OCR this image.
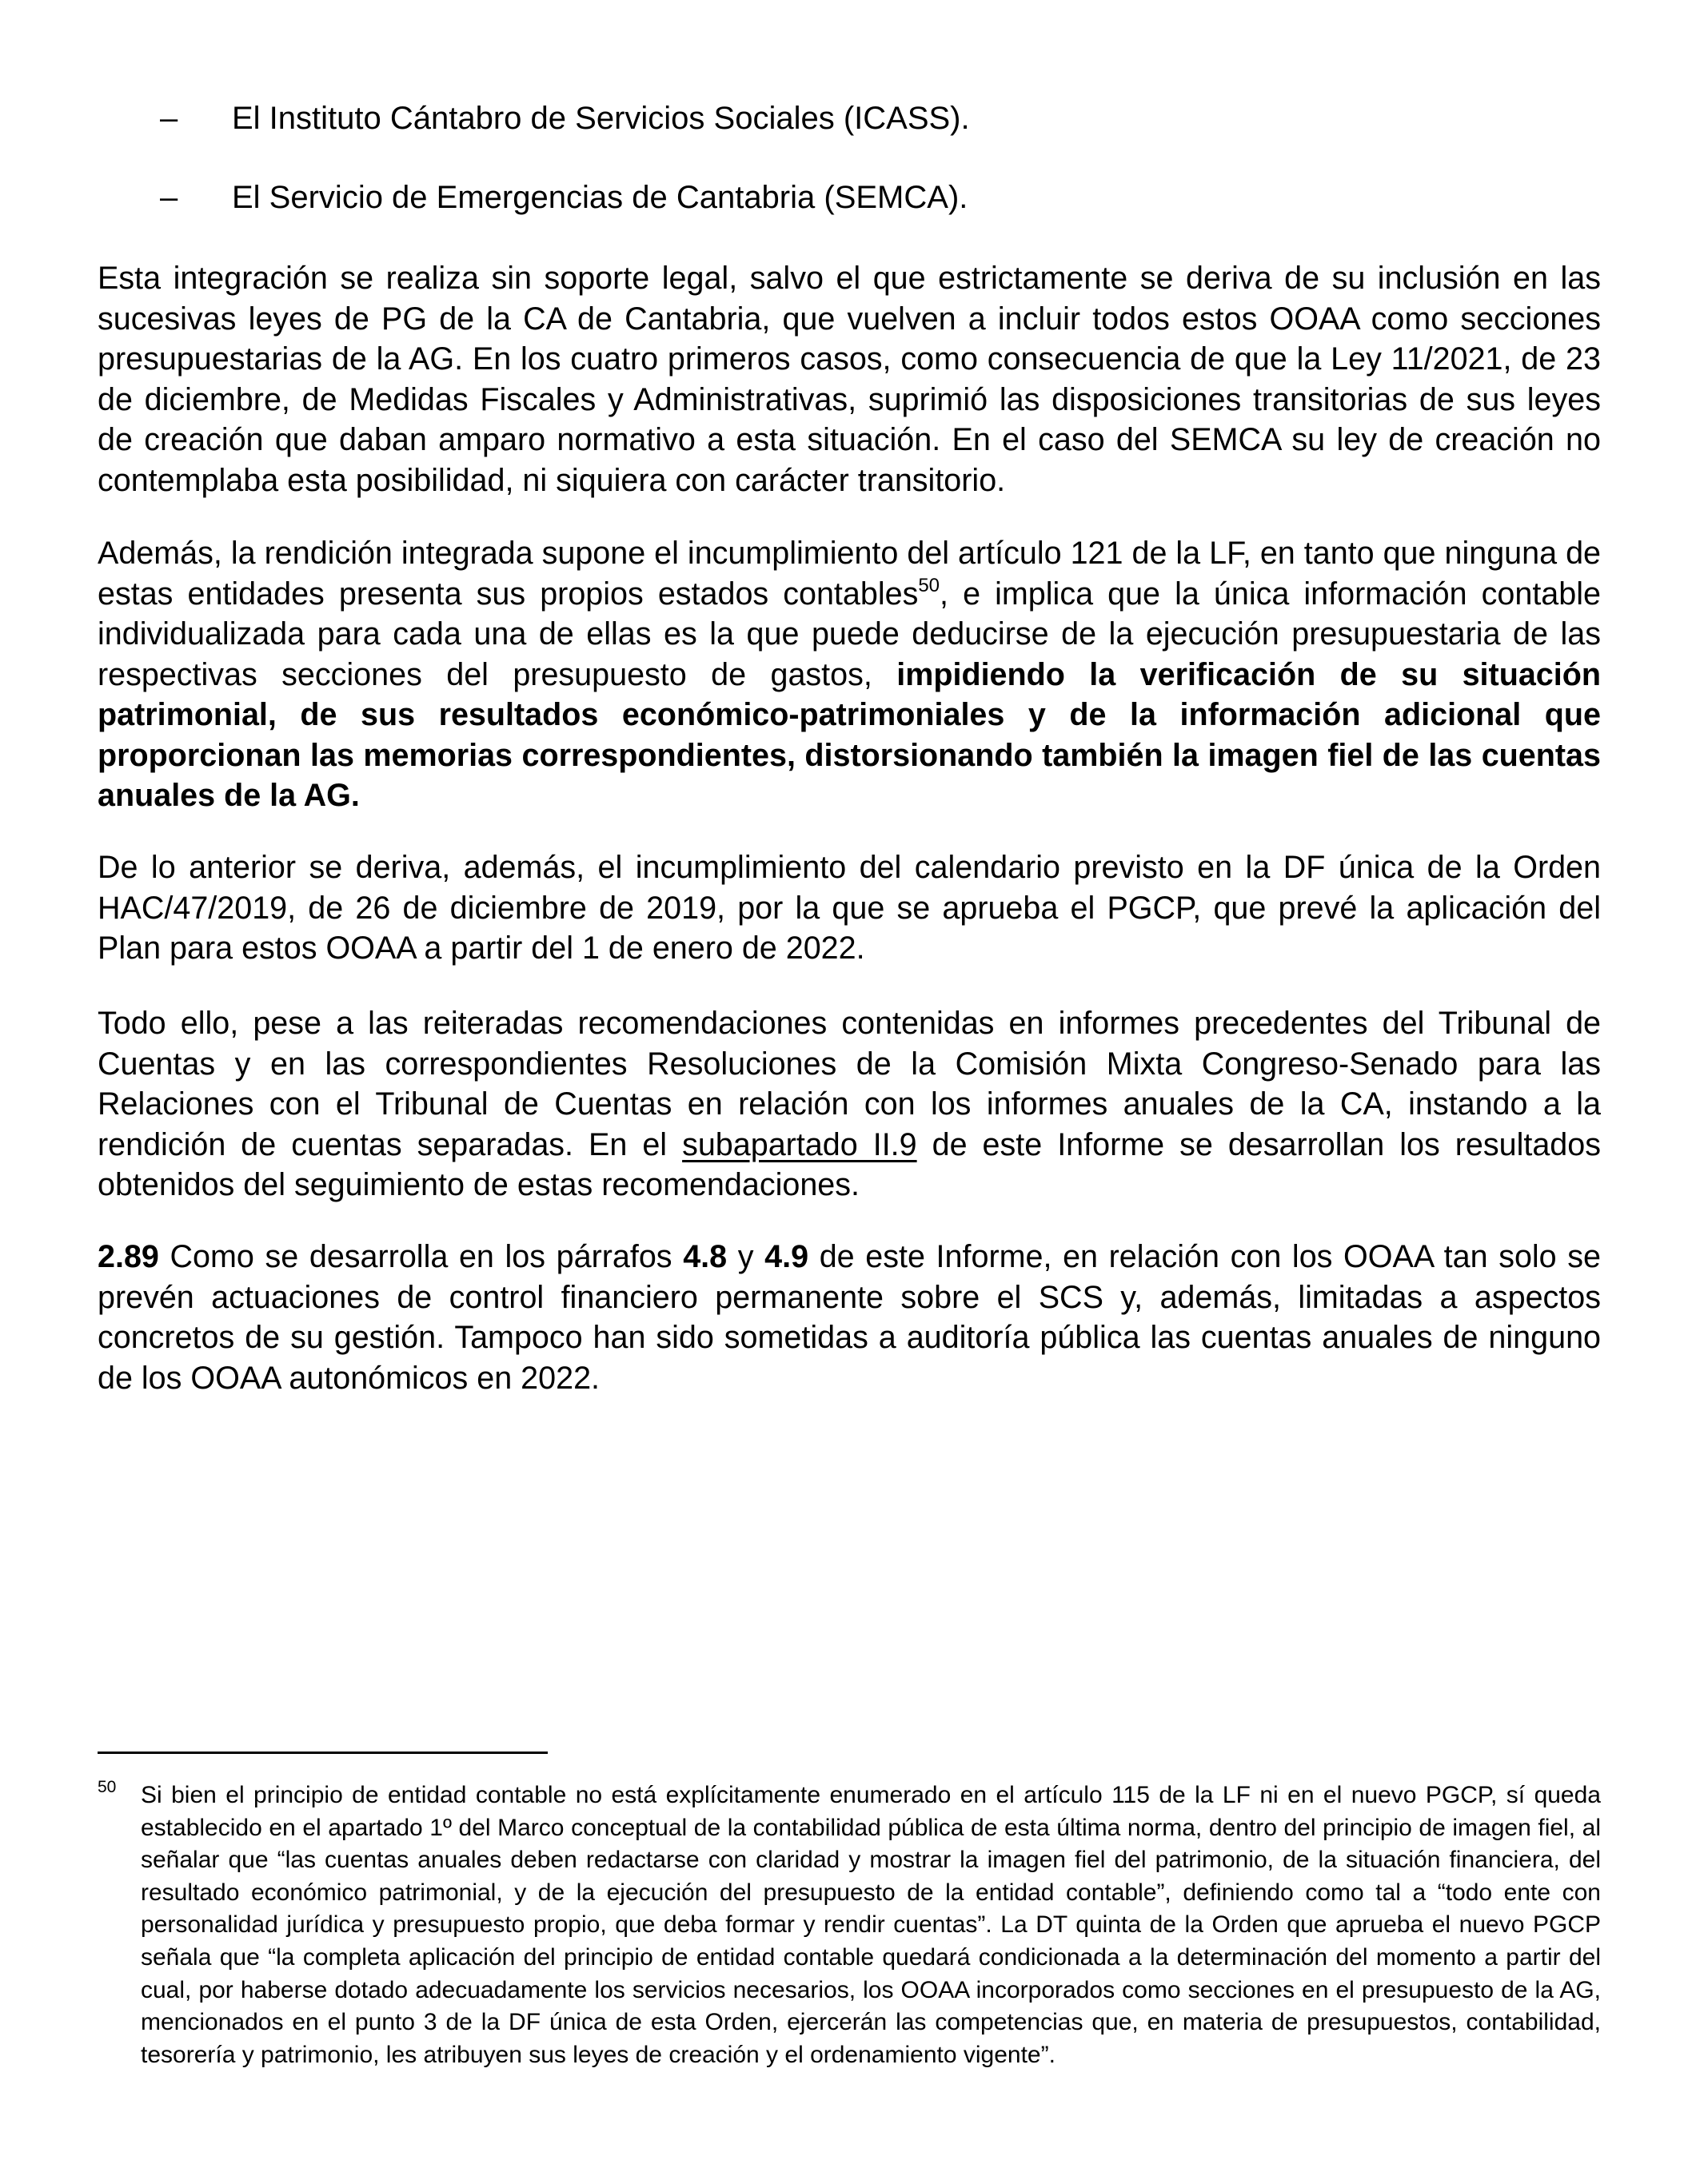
– El Instituto Cántabro de Servicios Sociales (ICASS).
– El Servicio de Emergencias de Cantabria (SEMCA).

Esta integración se realiza sin soporte legal, salvo el que estrictamente se deriva de su inclusión en las sucesivas leyes de PG de la CA de Cantabria, que vuelven a incluir todos estos OOAA como secciones presupuestarias de la AG. En los cuatro primeros casos, como consecuencia de que la Ley 11/2021, de 23 de diciembre, de Medidas Fiscales y Administrativas, suprimió las disposiciones transitorias de sus leyes de creación que daban amparo normativo a esta situación. En el caso del SEMCA su ley de creación no contemplaba esta posibilidad, ni siquiera con carácter transitorio.

Además, la rendición integrada supone el incumplimiento del artículo 121 de la LF, en tanto que ninguna de estas entidades presenta sus propios estados contables$^{50}$, e implica que la única información contable individualizada para cada una de ellas es la que puede deducirse de la ejecución presupuestaria de las respectivas secciones del presupuesto de gastos, impidiendo la verificación de su situación patrimonial, de sus resultados económico-patrimoniales y de la información adicional que proporcionan las memorias correspondientes, distorsionando también la imagen fiel de las cuentas anuales de la AG.

De lo anterior se deriva, además, el incumplimiento del calendario previsto en la DF única de la Orden HAC/47/2019, de 26 de diciembre de 2019, por la que se aprueba el PGCP, que prevé la aplicación del Plan para estos OOAA a partir del 1 de enero de 2022.

Todo ello, pese a las reiteradas recomendaciones contenidas en informes precedentes del Tribunal de Cuentas y en las correspondientes Resoluciones de la Comisión Mixta Congreso-Senado para las Relaciones con el Tribunal de Cuentas en relación con los informes anuales de la CA, instando a la rendición de cuentas separadas. En el subapartado II.9 de este Informe se desarrollan los resultados obtenidos del seguimiento de estas recomendaciones.

2.89 Como se desarrolla en los párrafos 4.8 y 4.9 de este Informe, en relación con los OOAA tan solo se prevén actuaciones de control financiero permanente sobre el SCS y, además, limitadas a aspectos concretos de su gestión. Tampoco han sido sometidas a auditoría pública las cuentas anuales de ninguno de los OOAA autonómicos en 2022.

50 Si bien el principio de entidad contable no está explícitamente enumerado en el artículo 115 de la LF ni en el nuevo PGCP, sí queda establecido en el apartado 1º del Marco conceptual de la contabilidad pública de esta última norma, dentro del principio de imagen fiel, al señalar que “las cuentas anuales deben redactarse con claridad y mostrar la imagen fiel del patrimonio, de la situación financiera, del resultado económico patrimonial, y de la ejecución del presupuesto de la entidad contable”, definiendo como tal a “todo ente con personalidad jurídica y presupuesto propio, que deba formar y rendir cuentas”. La DT quinta de la Orden que aprueba el nuevo PGCP señala que “la completa aplicación del principio de entidad contable quedará condicionada a la determinación del momento a partir del cual, por haberse dotado adecuadamente los servicios necesarios, los OOAA incorporados como secciones en el presupuesto de la AG, mencionados en el punto 3 de la DF única de esta Orden, ejercerán las competencias que, en materia de presupuestos, contabilidad, tesorería y patrimonio, les atribuyen sus leyes de creación y el ordenamiento vigente”.
